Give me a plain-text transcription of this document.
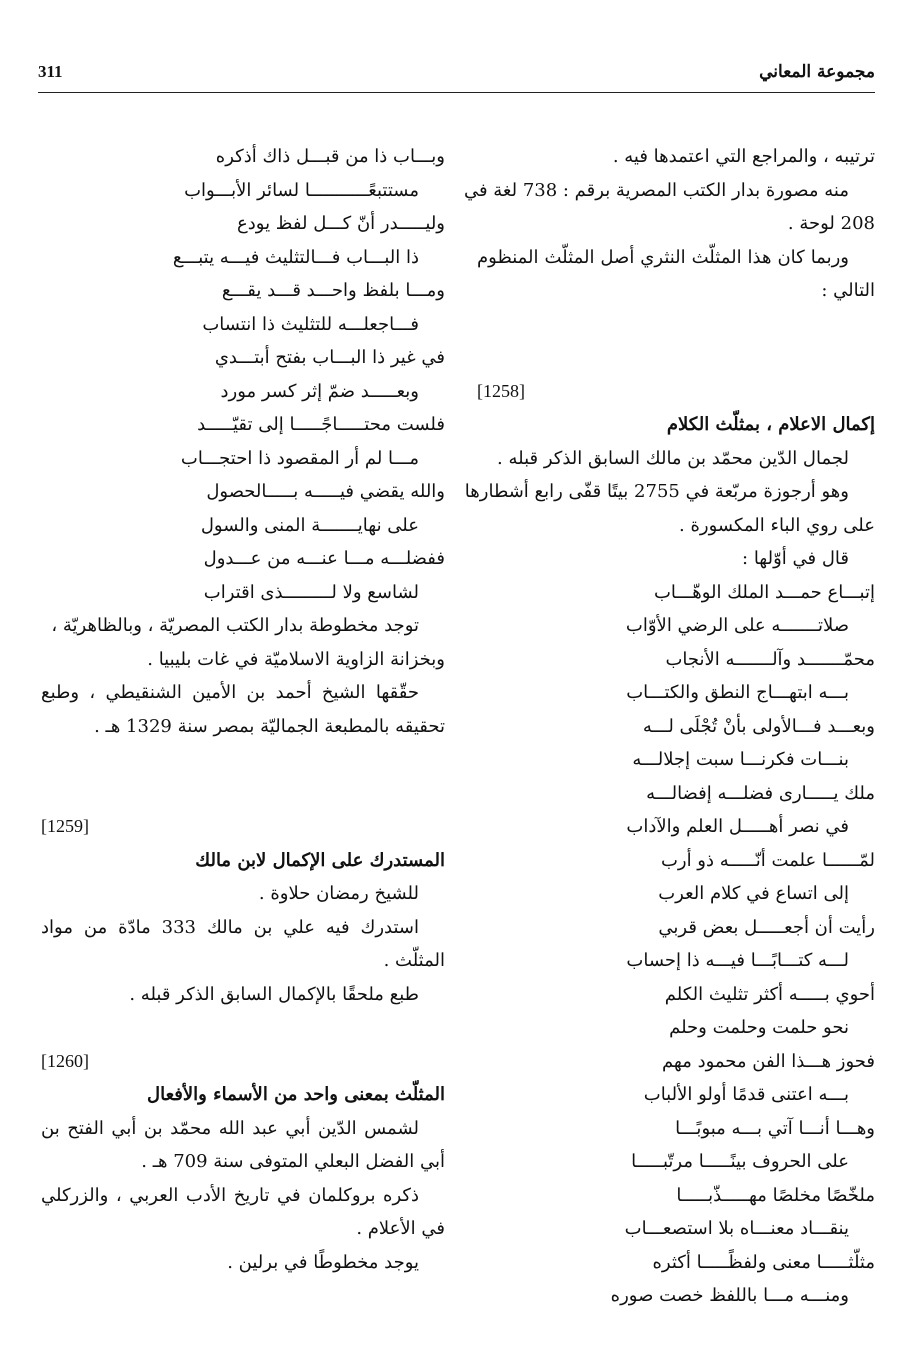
مجموعة المعاني
311
ترتيبه ، والمراجع التي اعتمدها فيه .
منه مصورة بدار الكتب المصرية برقم : 738 لغة في
208 لوحة .
وربما كان هذا المثلّث النثري أصل المثلّث المنظوم
التالي :
[1258]
إكمال الاعلام ، بمثلّث الكلام
لجمال الدّين محمّد بن مالك السابق الذكر قبله .
وهو أرجوزة مربّعة في 2755 بيتًا قفّى رابع أشطارها
على روي الباء المكسورة .
قال في أوّلها :
إتبـــاع حمـــد الملك الوهّـــاب
صلاتـــــــه على الرضي الأوّاب
محمّـــــــد وآلـــــــه الأنجاب
بـــه ابتهـــاج النطق والكتـــاب
وبعـــد فـــالأولى بأنْ تُجْلَى لـــه
بنـــات فكرنـــا سبت إجلالـــه
ملك يـــــارى فضلـــه إفضالـــه
في نصر أهـــــل العلم والآداب
لمّــــــا علمت أنّـــــه ذو أرب
إلى اتساع في كلام العرب
رأيت أن أجعـــــل بعض قربي
لـــه كتـــابًـــا فيـــه ذا إحساب
أحوي بـــــه أكثر تثليث الكلم
نحو حلمت وحلمت وحلم
فحوز هـــذا الفن محمود مهم
بـــه اعتنى قدمًا أولو الألباب
وهـــا أنـــا آتي بـــه مبوبًـــا
على الحروف بينًـــــا مرتّبـــــا
ملخّصًا مخلصًا مهـــــذّبـــــا
ينقـــاد معنـــاه بلا استصعـــاب
مثلّثـــــا معنى ولفظًـــــا أكثره
ومنـــه مـــا باللفظ خصت صوره
وبـــاب ذا من قبـــل ذاك أذكره
مستتبعًـــــــــــا لسائر الأبـــواب
وليـــــدر أنّ كـــل لفظ يودع
ذا البـــاب فـــالتثليث فيـــه يتبـــع
ومـــا بلفظ واحـــد قـــد يقـــع
فـــاجعلـــه للتثليث ذا انتساب
في غير ذا البـــاب بفتح أبتـــدي
وبعـــــد ضمّ إثر كسر مورد
فلست محتـــــاجًـــــا إلى تقيّـــــد
مـــا لم أر المقصود ذا احتجـــاب
والله يقضي فيـــــه بـــــالحصول
على نهايـــــــة المنى والسول
ففضلـــه مـــا عنـــه من عـــدول
لشاسع ولا لـــــــــذى اقتراب
توجد مخطوطة بدار الكتب المصريّة ، وبالظاهريّة ،
وبخزانة الزاوية الاسلاميّة في غات بليبيا .
حقّقها الشيخ أحمد بن الأمين الشنقيطي ، وطبع
تحقيقه بالمطبعة الجماليّة بمصر سنة 1329 هـ .
[1259]
المستدرك على الإكمال لابن مالك
للشيخ رمضان حلاوة .
استدرك فيه علي بن مالك 333 مادّة من مواد
المثلّث .
طبع ملحقًا بالإكمال السابق الذكر قبله .
[1260]
المثلّث بمعنى واحد من الأسماء والأفعال
لشمس الدّين أبي عبد الله محمّد بن أبي الفتح بن
أبي الفضل البعلي المتوفى سنة 709 هـ .
ذكره بروكلمان في تاريخ الأدب العربي ، والزركلي
في الأعلام .
يوجد مخطوطًا في برلين .
